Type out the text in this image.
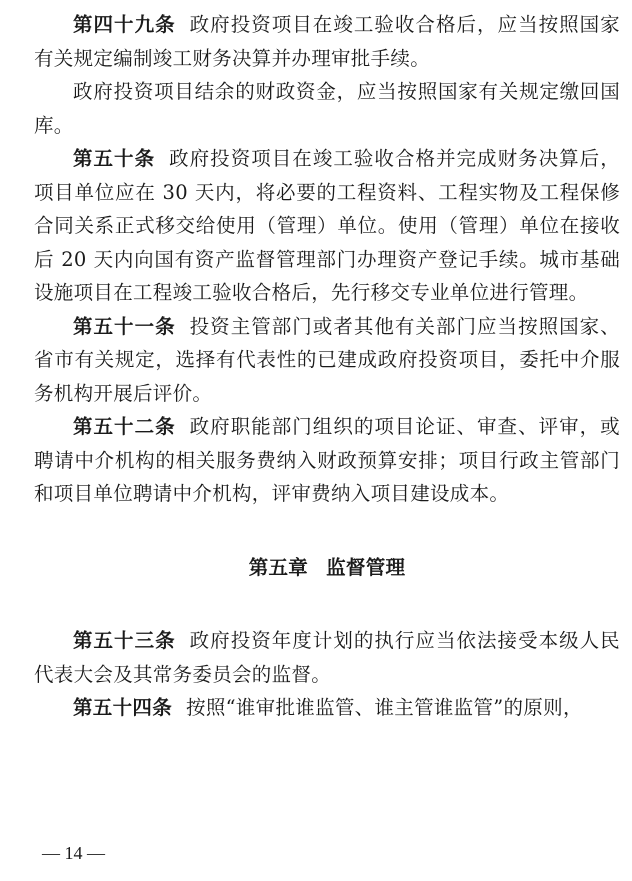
第四十九条 政府投资项目在竣工验收合格后，应当按照国家有关规定编制竣工财务决算并办理审批手续。

政府投资项目结余的财政资金，应当按照国家有关规定缴回国库。

第五十条 政府投资项目在竣工验收合格并完成财务决算后，项目单位应在 30 天内，将必要的工程资料、工程实物及工程保修合同关系正式移交给使用（管理）单位。使用（管理）单位在接收后 20 天内向国有资产监督管理部门办理资产登记手续。城市基础设施项目在工程竣工验收合格后，先行移交专业单位进行管理。

第五十一条 投资主管部门或者其他有关部门应当按照国家、省市有关规定，选择有代表性的已建成政府投资项目，委托中介服务机构开展后评价。

第五十二条 政府职能部门组织的项目论证、审查、评审，或聘请中介机构的相关服务费纳入财政预算安排；项目行政主管部门和项目单位聘请中介机构，评审费纳入项目建设成本。

第五章 监督管理

第五十三条 政府投资年度计划的执行应当依法接受本级人民代表大会及其常务委员会的监督。

第五十四条 按照“谁审批谁监管、谁主管谁监管”的原则，

— 14 —
